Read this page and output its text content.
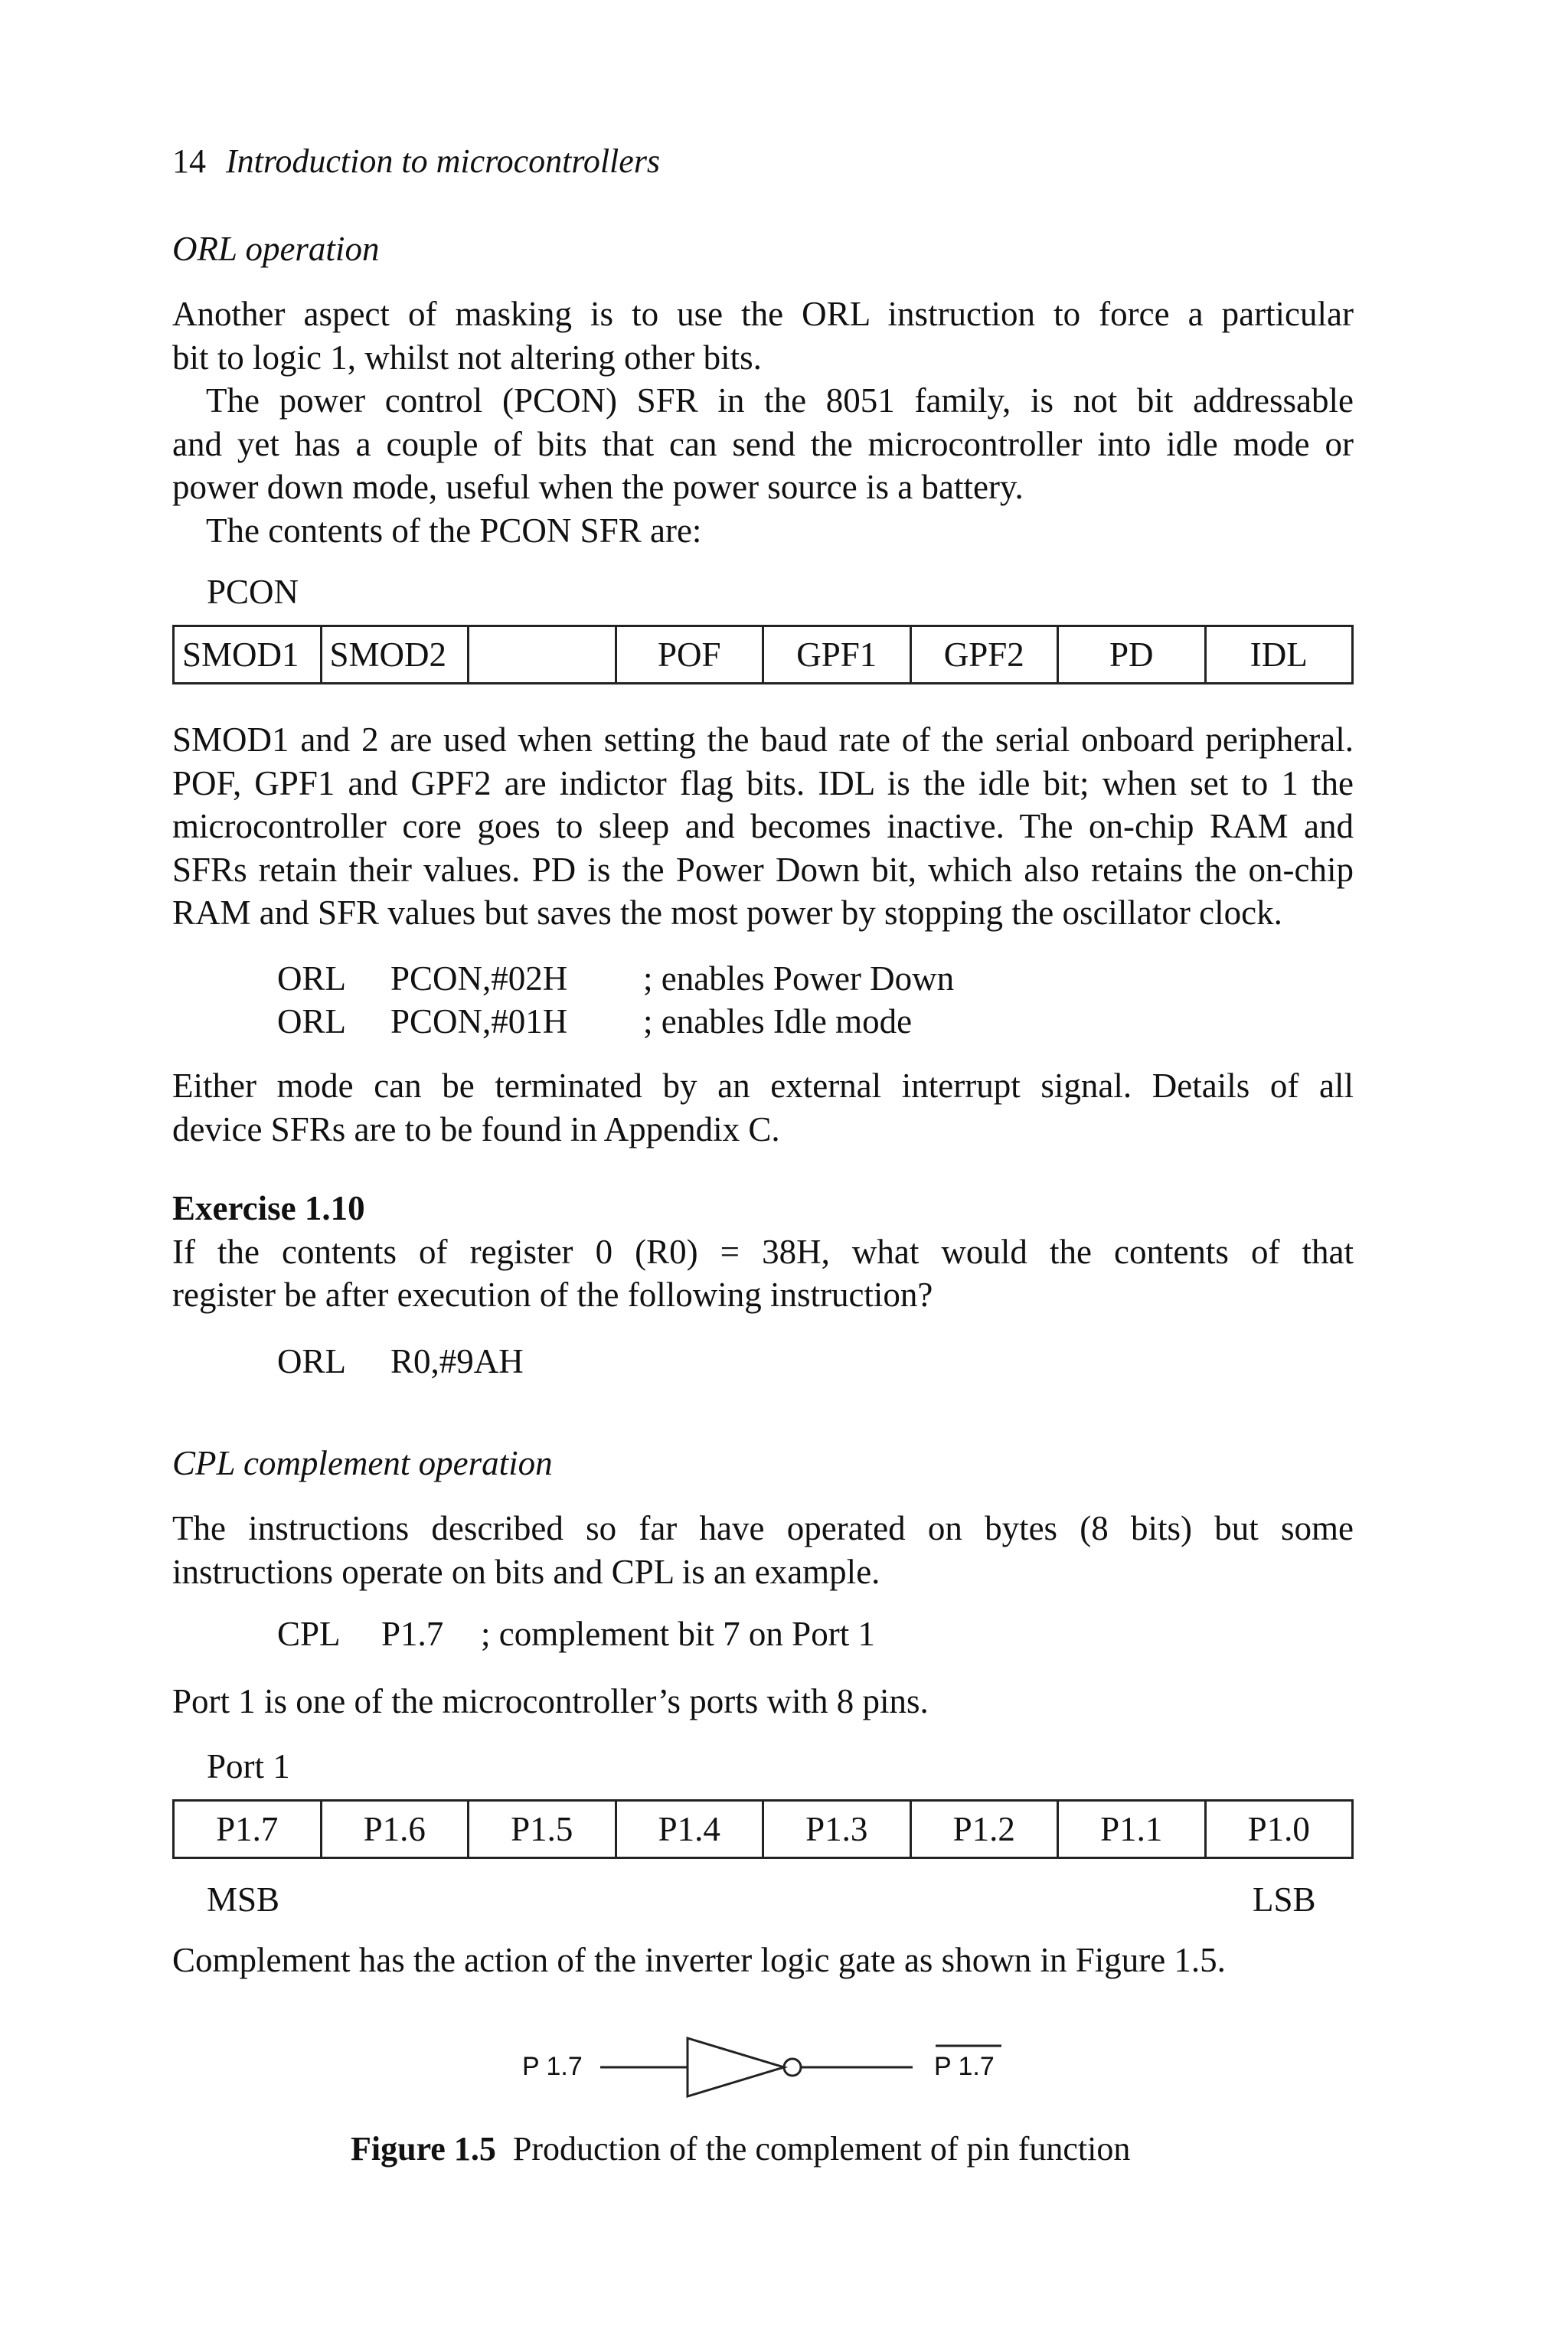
14 Introduction to microcontrollers
ORL operation
Another aspect of masking is to use the ORL instruction to force a particular
bit to logic 1, whilst not altering other bits.
The power control (PCON) SFR in the 8051 family, is not bit addressable
and yet has a couple of bits that can send the microcontroller into idle mode or
power down mode, useful when the power source is a battery.
The contents of the PCON SFR are:
PCON
SMOD1	SMOD2		POF	GPF1	GPF2	PD	IDL
SMOD1 and 2 are used when setting the baud rate of the serial onboard peripheral.
POF, GPF1 and GPF2 are indictor flag bits. IDL is the idle bit; when set to 1 the
microcontroller core goes to sleep and becomes inactive. The on-chip RAM and
SFRs retain their values. PD is the Power Down bit, which also retains the on-chip
RAM and SFR values but saves the most power by stopping the oscillator clock.
ORL PCON,#02H ; enables Power Down
ORL PCON,#01H ; enables Idle mode
Either mode can be terminated by an external interrupt signal. Details of all
device SFRs are to be found in Appendix C.
Exercise 1.10
If the contents of register 0 (R0) = 38H, what would the contents of that
register be after execution of the following instruction?
ORL R0,#9AH
CPL complement operation
The instructions described so far have operated on bytes (8 bits) but some
instructions operate on bits and CPL is an example.
CPL P1.7 ; complement bit 7 on Port 1
Port 1 is one of the microcontroller’s ports with 8 pins.
Port 1
P1.7	P1.6	P1.5	P1.4	P1.3	P1.2	P1.1	P1.0
MSB	LSB
Complement has the action of the inverter logic gate as shown in Figure 1.5.
P 1.7	P 1.7
Figure 1.5 Production of the complement of pin function
